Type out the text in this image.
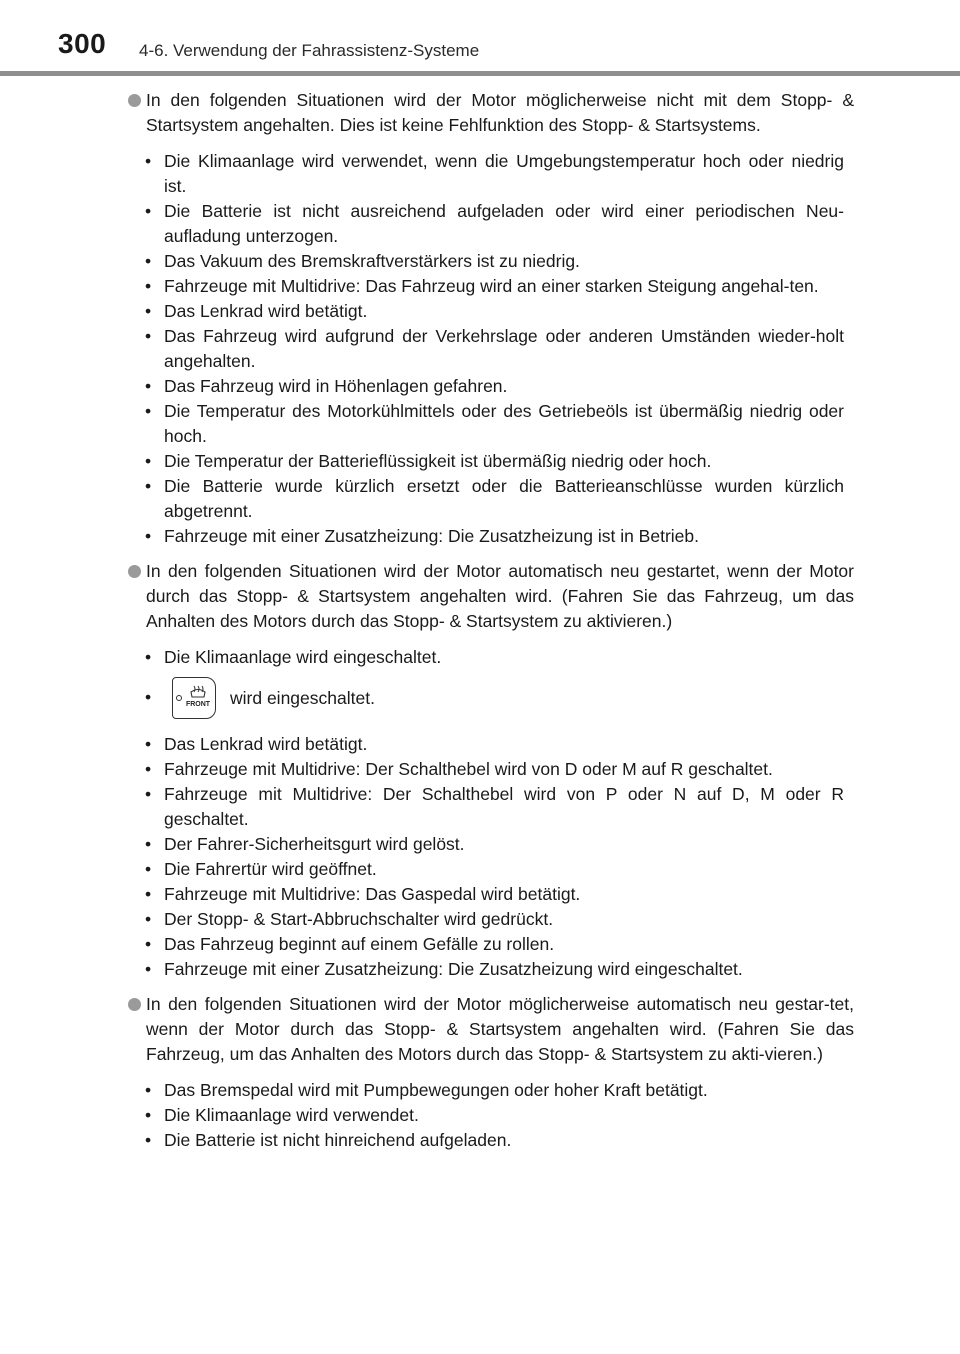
300 4-6. Verwendung der Fahrassistenz-Systeme
In den folgenden Situationen wird der Motor möglicherweise nicht mit dem Stopp- & Startsystem angehalten. Dies ist keine Fehlfunktion des Stopp- & Startsystems.
• Die Klimaanlage wird verwendet, wenn die Umgebungstemperatur hoch oder niedrig ist.
• Die Batterie ist nicht ausreichend aufgeladen oder wird einer periodischen Neu-aufladung unterzogen.
• Das Vakuum des Bremskraftverstärkers ist zu niedrig.
• Fahrzeuge mit Multidrive: Das Fahrzeug wird an einer starken Steigung angehal-ten.
• Das Lenkrad wird betätigt.
• Das Fahrzeug wird aufgrund der Verkehrslage oder anderen Umständen wieder-holt angehalten.
• Das Fahrzeug wird in Höhenlagen gefahren.
• Die Temperatur des Motorkühlmittels oder des Getriebeöls ist übermäßig niedrig oder hoch.
• Die Temperatur der Batterieflüssigkeit ist übermäßig niedrig oder hoch.
• Die Batterie wurde kürzlich ersetzt oder die Batterieanschlüsse wurden kürzlich abgetrennt.
• Fahrzeuge mit einer Zusatzheizung: Die Zusatzheizung ist in Betrieb.
In den folgenden Situationen wird der Motor automatisch neu gestartet, wenn der Motor durch das Stopp- & Startsystem angehalten wird. (Fahren Sie das Fahrzeug, um das Anhalten des Motors durch das Stopp- & Startsystem zu aktivieren.)
• Die Klimaanlage wird eingeschaltet.
•	FRONT wird eingeschaltet.
• Das Lenkrad wird betätigt.
• Fahrzeuge mit Multidrive: Der Schalthebel wird von D oder M auf R geschaltet.
• Fahrzeuge mit Multidrive: Der Schalthebel wird von P oder N auf D, M oder R geschaltet.
• Der Fahrer-Sicherheitsgurt wird gelöst.
• Die Fahrertür wird geöffnet.
• Fahrzeuge mit Multidrive: Das Gaspedal wird betätigt.
• Der Stopp- & Start-Abbruchschalter wird gedrückt.
• Das Fahrzeug beginnt auf einem Gefälle zu rollen.
• Fahrzeuge mit einer Zusatzheizung: Die Zusatzheizung wird eingeschaltet.
In den folgenden Situationen wird der Motor möglicherweise automatisch neu gestar-tet, wenn der Motor durch das Stopp- & Startsystem angehalten wird. (Fahren Sie das Fahrzeug, um das Anhalten des Motors durch das Stopp- & Startsystem zu akti-vieren.)
• Das Bremspedal wird mit Pumpbewegungen oder hoher Kraft betätigt.
• Die Klimaanlage wird verwendet.
• Die Batterie ist nicht hinreichend aufgeladen.
